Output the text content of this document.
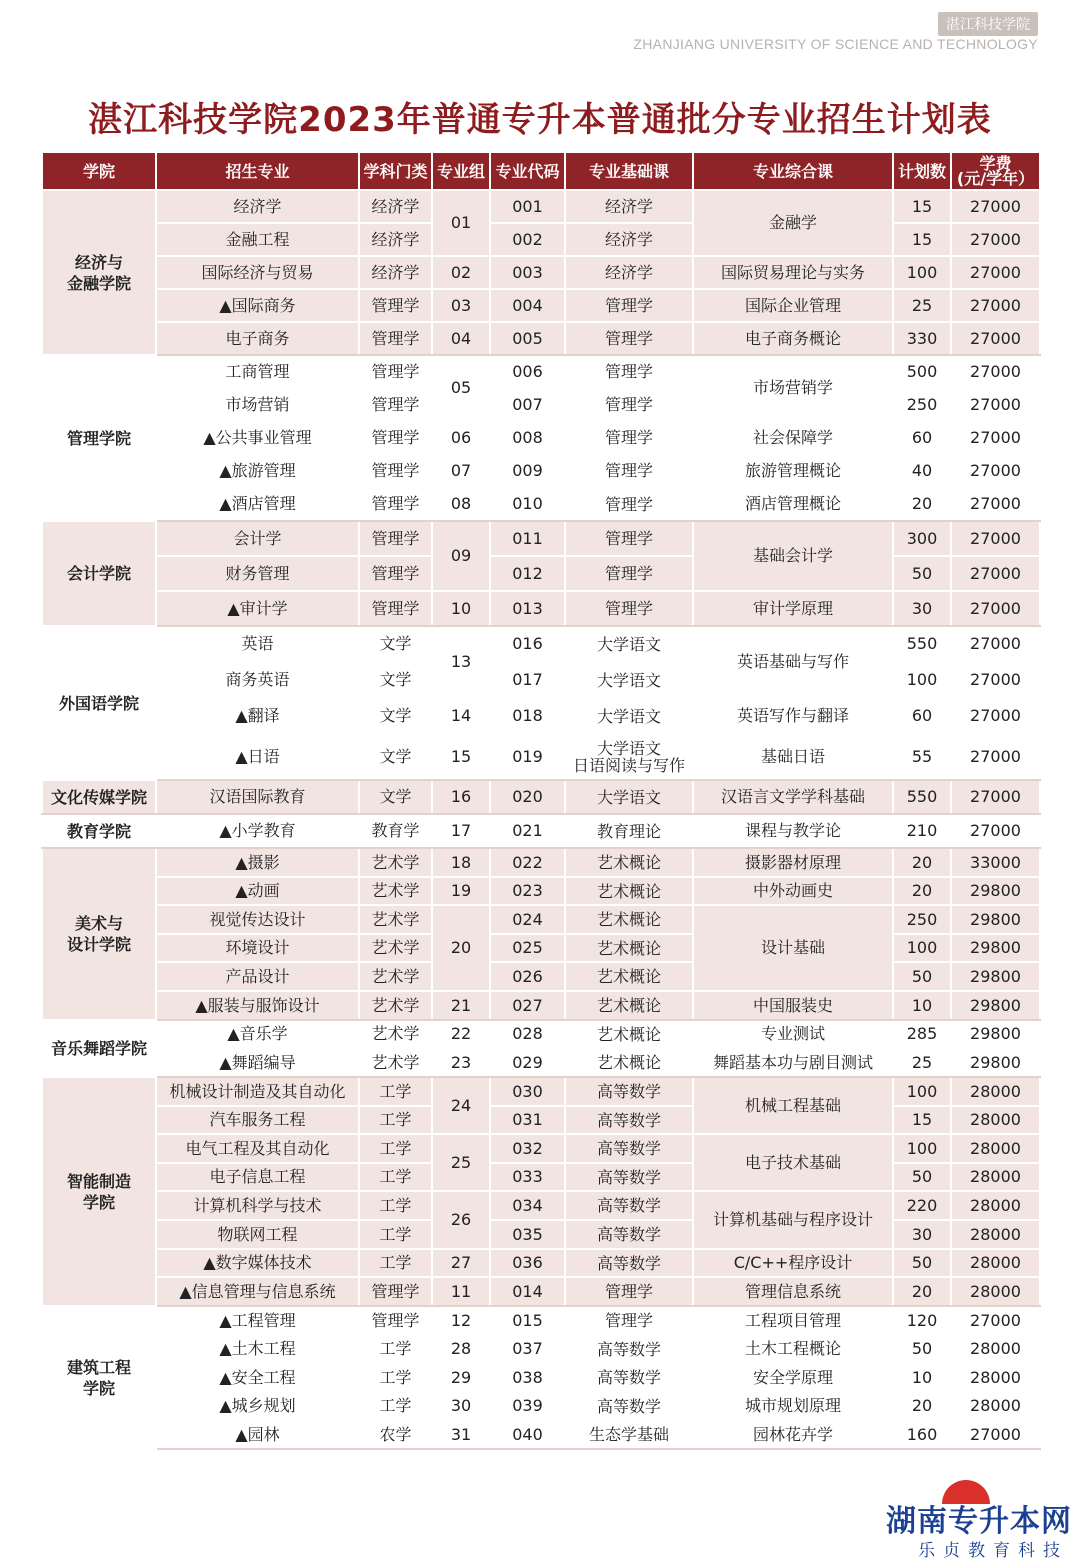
湛江科技学院
ZHANJIANG UNIVERSITY OF SCIENCE AND TECHNOLOGY
湛江科技学院2023年普通专升本普通批分专业招生计划表
学院	招生专业	学科门类	专业组	专业代码	专业基础课	专业综合课	计划数	学费
(元/学年）
经济与
金融学院	经济学	经济学	01	001	经济学	金融学	15	27000
	金融工程	经济学		002	经济学		15	27000
	国际经济与贸易	经济学	02	003	经济学	国际贸易理论与实务	100	27000
	▲国际商务	管理学	03	004	管理学	国际企业管理	25	27000
	电子商务	管理学	04	005	管理学	电子商务概论	330	27000
管理学院	工商管理	管理学	05	006	管理学	市场营销学	500	27000
	市场营销	管理学		007	管理学		250	27000
	▲公共事业管理	管理学	06	008	管理学	社会保障学	60	27000
	▲旅游管理	管理学	07	009	管理学	旅游管理概论	40	27000
	▲酒店管理	管理学	08	010	管理学	酒店管理概论	20	27000
会计学院	会计学	管理学	09	011	管理学	基础会计学	300	27000
	财务管理	管理学		012	管理学		50	27000
	▲审计学	管理学	10	013	管理学	审计学原理	30	27000
外国语学院	英语	文学	13	016	大学语文	英语基础与写作	550	27000
	商务英语	文学		017	大学语文		100	27000
	▲翻译	文学	14	018	大学语文	英语写作与翻译	60	27000
	▲日语	文学	15	019	大学语文
日语阅读与写作	基础日语	55	27000
文化传媒学院	汉语国际教育	文学	16	020	大学语文	汉语言文学学科基础	550	27000
教育学院	▲小学教育	教育学	17	021	教育理论	课程与教学论	210	27000
美术与
设计学院	▲摄影	艺术学	18	022	艺术概论	摄影器材原理	20	33000
	▲动画	艺术学	19	023	艺术概论	中外动画史	20	29800
	视觉传达设计	艺术学	20	024	艺术概论	设计基础	250	29800
	环境设计	艺术学		025	艺术概论		100	29800
	产品设计	艺术学		026	艺术概论		50	29800
	▲服装与服饰设计	艺术学	21	027	艺术概论	中国服装史	10	29800
音乐舞蹈学院	▲音乐学	艺术学	22	028	艺术概论	专业测试	285	29800
	▲舞蹈编导	艺术学	23	029	艺术概论	舞蹈基本功与剧目测试	25	29800
智能制造
学院	机械设计制造及其自动化	工学	24	030	高等数学	机械工程基础	100	28000
	汽车服务工程	工学		031	高等数学		15	28000
	电气工程及其自动化	工学	25	032	高等数学	电子技术基础	100	28000
	电子信息工程	工学		033	高等数学		50	28000
	计算机科学与技术	工学	26	034	高等数学	计算机基础与程序设计	220	28000
	物联网工程	工学		035	高等数学		30	28000
	▲数字媒体技术	工学	27	036	高等数学	C/C++程序设计	50	28000
	▲信息管理与信息系统	管理学	11	014	管理学	管理信息系统	20	28000
建筑工程
学院	▲工程管理	管理学	12	015	管理学	工程项目管理	120	27000
	▲土木工程	工学	28	037	高等数学	土木工程概论	50	28000
	▲安全工程	工学	29	038	高等数学	安全学原理	10	28000
	▲城乡规划	工学	30	039	高等数学	城市规划原理	20	28000
	▲园林	农学	31	040	生态学基础	园林花卉学	160	27000
湖南专升本网
乐贞教育科技
